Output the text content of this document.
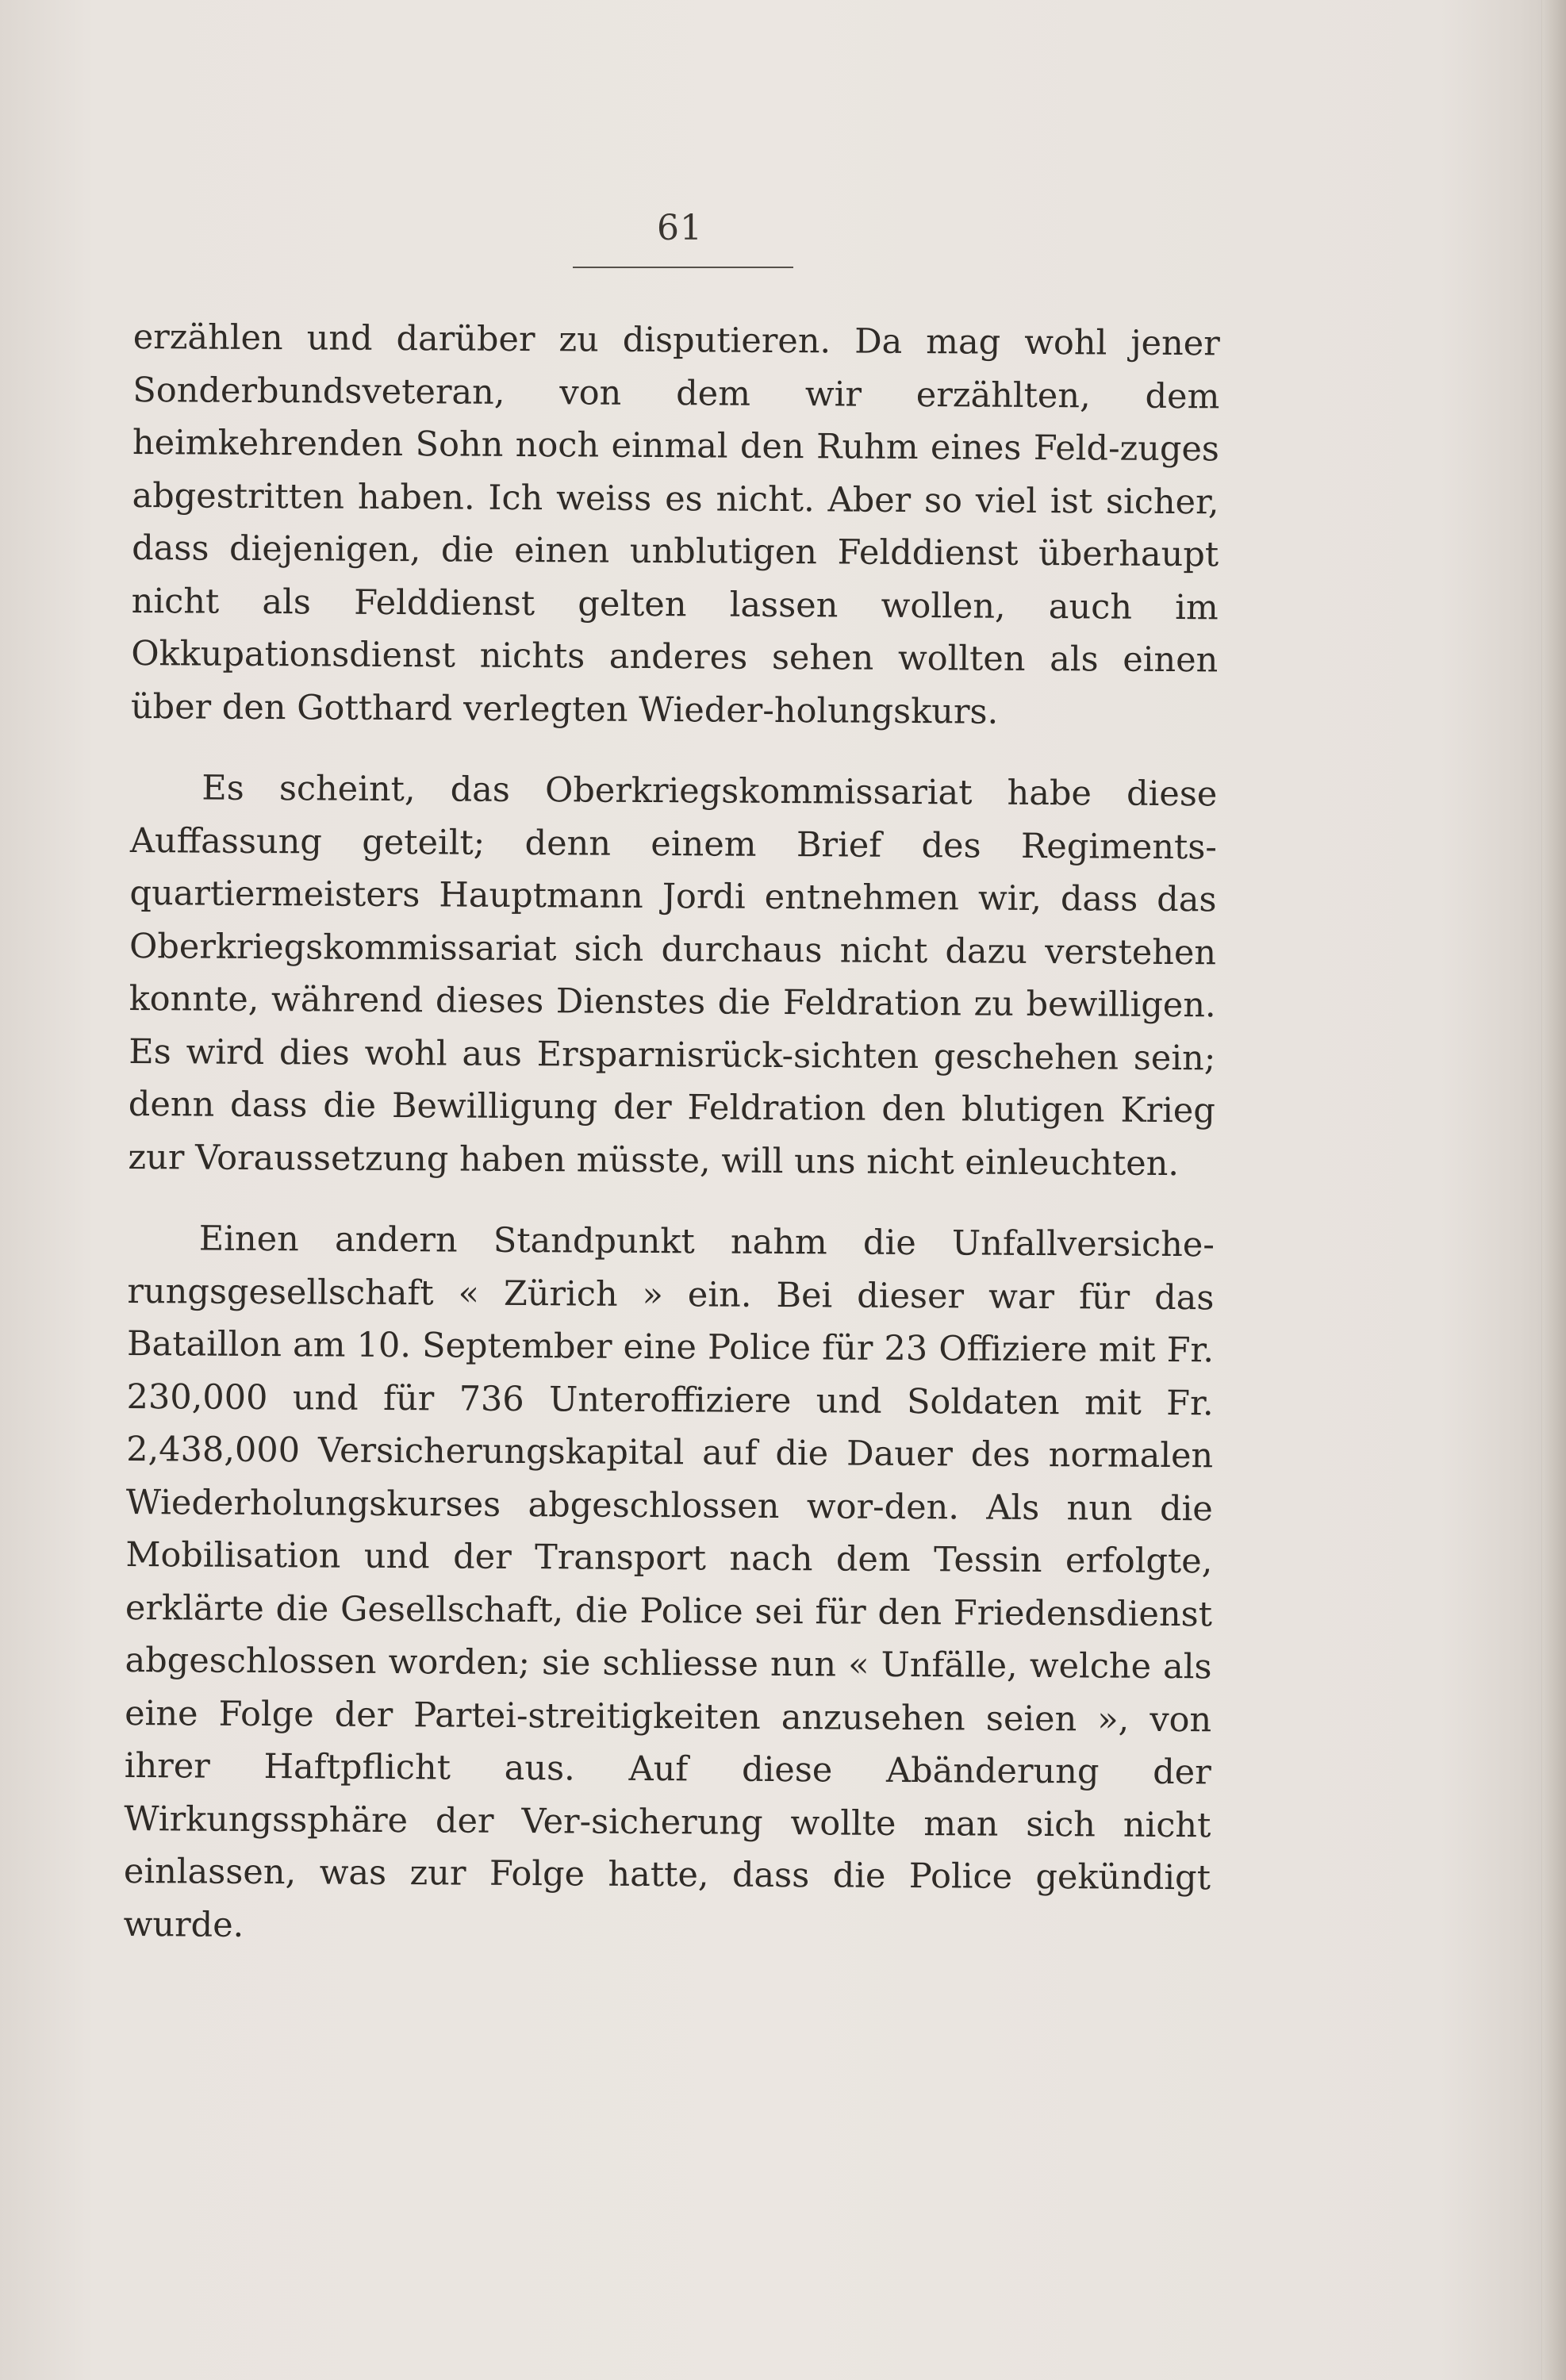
61

erzählen und darüber zu disputieren. Da mag wohl jener Sonderbundsveteran, von dem wir erzählten, dem heimkehrenden Sohn noch einmal den Ruhm eines Feld-zuges abgestritten haben. Ich weiss es nicht. Aber so viel ist sicher, dass diejenigen, die einen unblutigen Felddienst überhaupt nicht als Felddienst gelten lassen wollen, auch im Okkupationsdienst nichts anderes sehen wollten als einen über den Gotthard verlegten Wieder-holungskurs.

Es scheint, das Oberkriegskommissariat habe diese Auffassung geteilt; denn einem Brief des Regiments-quartiermeisters Hauptmann Jordi entnehmen wir, dass das Oberkriegskommissariat sich durchaus nicht dazu verstehen konnte, während dieses Dienstes die Feldration zu bewilligen. Es wird dies wohl aus Ersparnisrück-sichten geschehen sein; denn dass die Bewilligung der Feldration den blutigen Krieg zur Voraussetzung haben müsste, will uns nicht einleuchten.

Einen andern Standpunkt nahm die Unfallversiche-rungsgesellschaft « Zürich » ein. Bei dieser war für das Bataillon am 10. September eine Police für 23 Offiziere mit Fr. 230,000 und für 736 Unteroffiziere und Soldaten mit Fr. 2,438,000 Versicherungskapital auf die Dauer des normalen Wiederholungskurses abgeschlossen wor-den. Als nun die Mobilisation und der Transport nach dem Tessin erfolgte, erklärte die Gesellschaft, die Police sei für den Friedensdienst abgeschlossen worden; sie schliesse nun « Unfälle, welche als eine Folge der Partei-streitigkeiten anzusehen seien », von ihrer Haftpflicht aus. Auf diese Abänderung der Wirkungssphäre der Ver-sicherung wollte man sich nicht einlassen, was zur Folge hatte, dass die Police gekündigt wurde.
